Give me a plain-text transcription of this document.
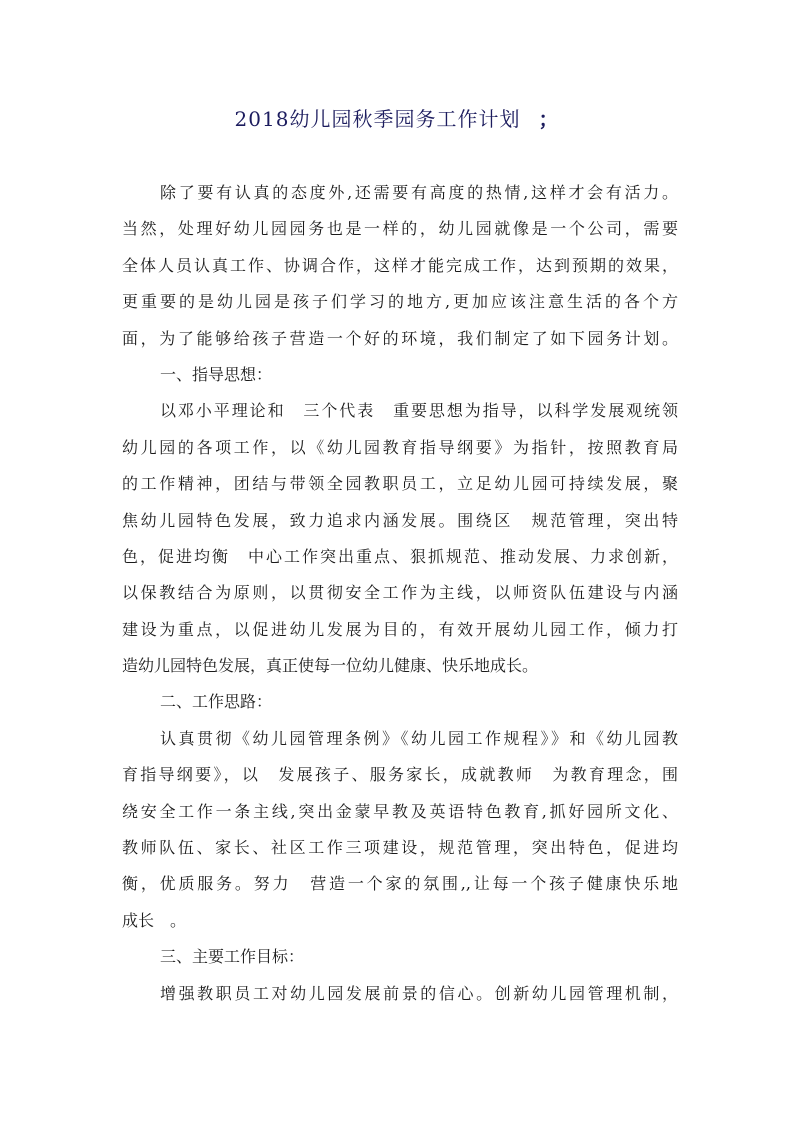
2018幼儿园秋季园务工作计划 ；
除了要有认真的态度外,还需要有高度的热情,这样才会有活力。
当然，处理好幼儿园园务也是一样的，幼儿园就像是一个公司，需要
全体人员认真工作、协调合作，这样才能完成工作，达到预期的效果，
更重要的是幼儿园是孩子们学习的地方,更加应该注意生活的各个方
面，为了能够给孩子营造一个好的环境，我们制定了如下园务计划。
一、指导思想：
以邓小平理论和　三个代表　重要思想为指导，以科学发展观统领
幼儿园的各项工作，以《幼儿园教育指导纲要》为指针，按照教育局
的工作精神，团结与带领全园教职员工，立足幼儿园可持续发展，聚
焦幼儿园特色发展，致力追求内涵发展。围绕区　规范管理，突出特
色，促进均衡　中心工作突出重点、狠抓规范、推动发展、力求创新，
以保教结合为原则，以贯彻安全工作为主线，以师资队伍建设与内涵
建设为重点，以促进幼儿发展为目的，有效开展幼儿园工作，倾力打
造幼儿园特色发展，真正使每一位幼儿健康、快乐地成长。
二、工作思路：
认真贯彻《幼儿园管理条例》《幼儿园工作规程》》和《幼儿园教
育指导纲要》，以　发展孩子、服务家长，成就教师　为教育理念，围
绕安全工作一条主线,突出金蒙早教及英语特色教育,抓好园所文化、
教师队伍、家长、社区工作三项建设，规范管理，突出特色，促进均
衡，优质服务。努力　营造一个家的氛围,,让每一个孩子健康快乐地
成长　。
三、主要工作目标：
增强教职员工对幼儿园发展前景的信心。创新幼儿园管理机制，
